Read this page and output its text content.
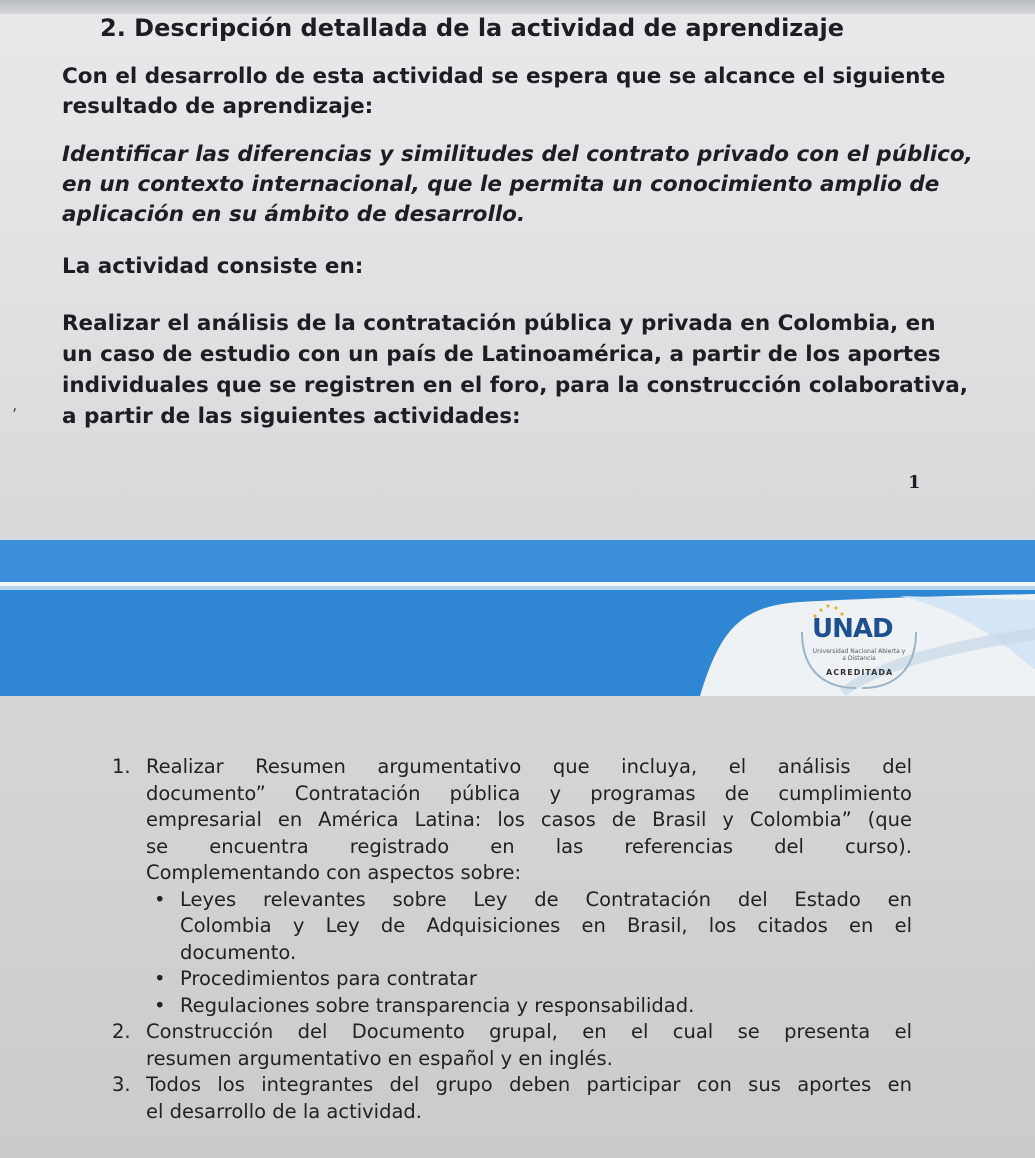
2. Descripción detallada de la actividad de aprendizaje

Con el desarrollo de esta actividad se espera que se alcance el siguiente
resultado de aprendizaje:

Identificar las diferencias y similitudes del contrato privado con el público,
en un contexto internacional, que le permita un conocimiento amplio de
aplicación en su ámbito de desarrollo.

La actividad consiste en:

Realizar el análisis de la contratación pública y privada en Colombia, en
un caso de estudio con un país de Latinoamérica, a partir de los aportes
individuales que se registren en el foro, para la construcción colaborativa,
a partir de las siguientes actividades:

ʼ

1

UNAD
Universidad Nacional Abierta y a Distancia
ACREDITADA
1. Realizar Resumen argumentativo que incluya, el análisis del
documento” Contratación pública y programas de cumplimiento
empresarial en América Latina: los casos de Brasil y Colombia” (que
se encuentra registrado en las referencias del curso).
Complementando con aspectos sobre:
• Leyes relevantes sobre Ley de Contratación del Estado en
Colombia y Ley de Adquisiciones en Brasil, los citados en el
documento.
• Procedimientos para contratar
• Regulaciones sobre transparencia y responsabilidad.
2. Construcción del Documento grupal, en el cual se presenta el
resumen argumentativo en español y en inglés.
3. Todos los integrantes del grupo deben participar con sus aportes en
el desarrollo de la actividad.
